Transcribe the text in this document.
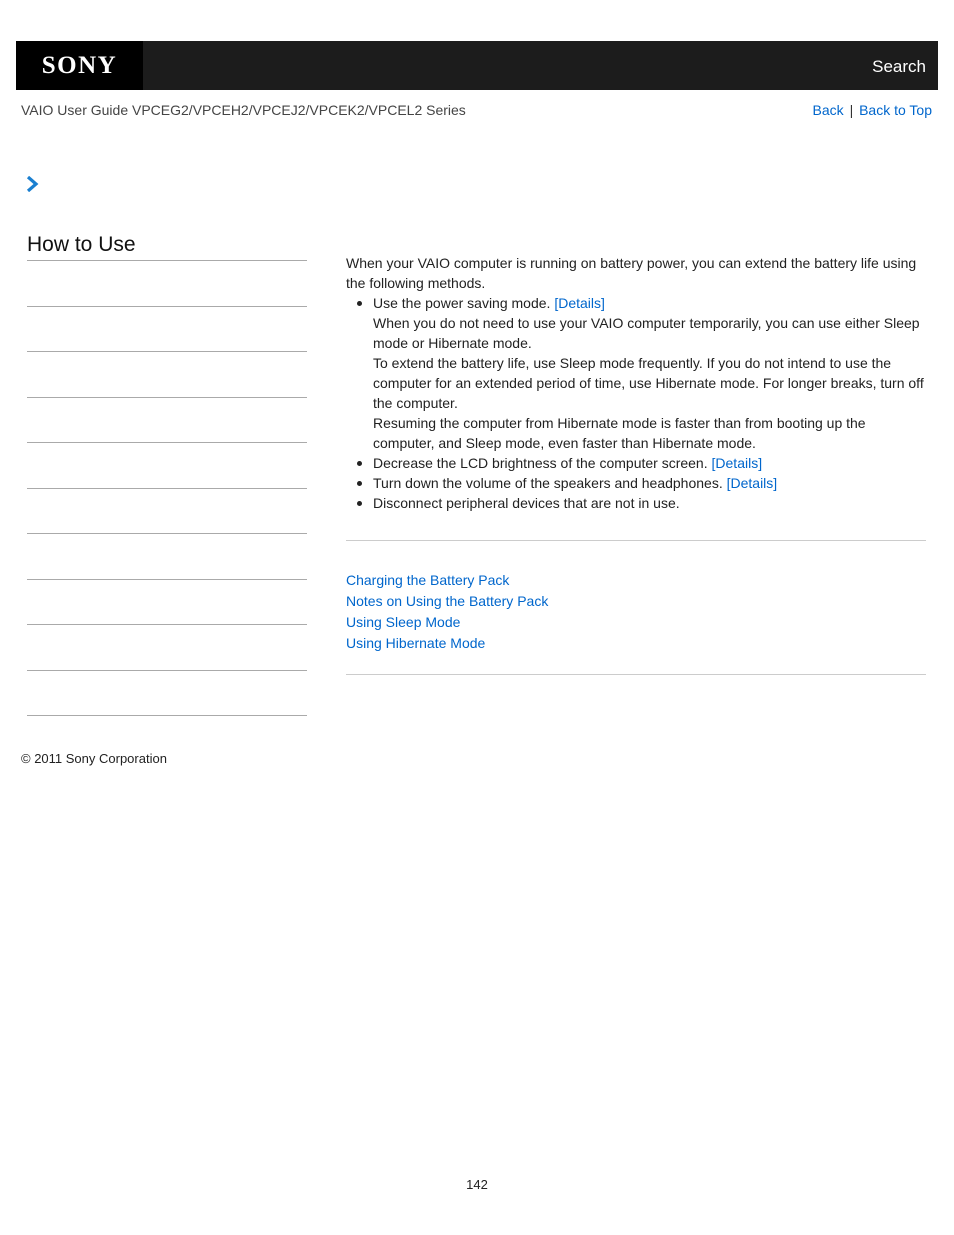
SONY	Search
VAIO User Guide VPCEG2/VPCEH2/VPCEJ2/VPCEK2/VPCEL2 Series	Back | Back to Top
How to Use

When your VAIO computer is running on battery power, you can extend the battery life using the following methods.

Use the power saving mode. [Details]
When you do not need to use your VAIO computer temporarily, you can use either Sleep mode or Hibernate mode.
To extend the battery life, use Sleep mode frequently. If you do not intend to use the computer for an extended period of time, use Hibernate mode. For longer breaks, turn off the computer.
Resuming the computer from Hibernate mode is faster than from booting up the computer, and Sleep mode, even faster than Hibernate mode.
Decrease the LCD brightness of the computer screen. [Details]
Turn down the volume of the speakers and headphones. [Details]
Disconnect peripheral devices that are not in use.
Charging the Battery Pack
Notes on Using the Battery Pack
Using Sleep Mode
Using Hibernate Mode
© 2011 Sony Corporation
142
